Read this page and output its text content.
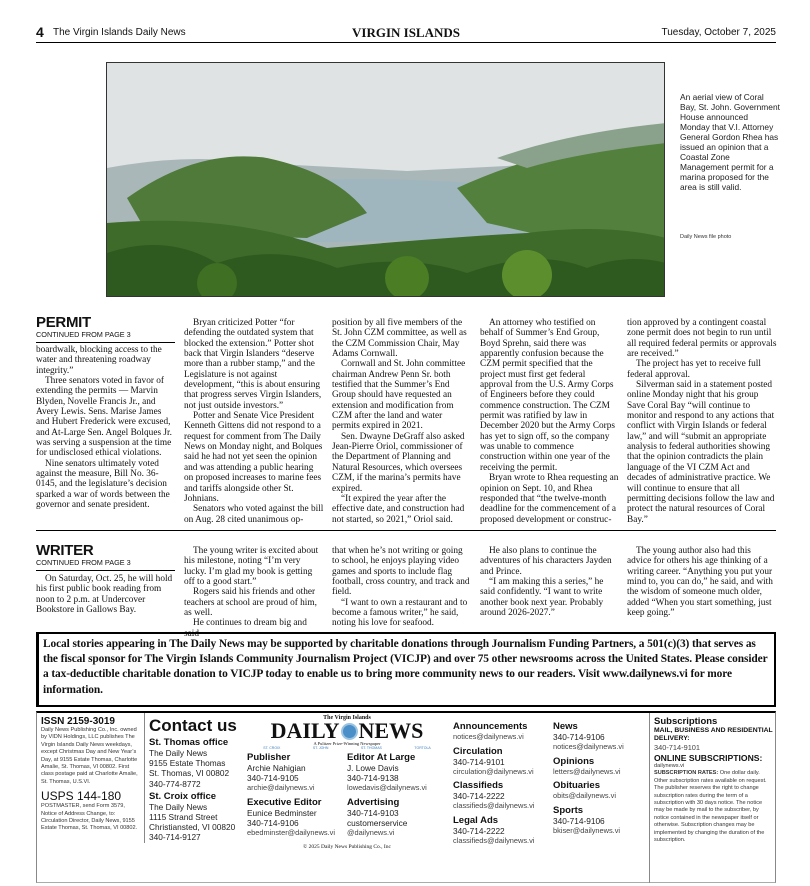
4 The Virgin Islands Daily News	VIRGIN ISLANDS	Tuesday, October 7, 2025
An aerial view of Coral Bay, St. John. Government House announced Monday that V.I. Attorney General Gordon Rhea has issued an opinion that a Coastal Zone Management permit for a marina proposed for the area is still valid.
Daily News file photo
PERMIT
CONTINUED FROM PAGE 3

boardwalk, blocking access to the water and threatening roadway integrity.”

Three senators voted in favor of extending the permits — Marvin Blyden, Novelle Francis Jr., and Avery Lewis. Sens. Marise James and Hubert Frederick were excused, and At-Large Sen. Angel Bolques Jr. was serving a suspension at the time for undisclosed ethical violations.

Nine senators ultimately voted against the measure, Bill No. 36-0145, and the legislature’s decision sparked a war of words between the governor and senate president.

Bryan criticized Potter “for defending the outdated system that blocked the extension.” Potter shot back that Virgin Islanders “deserve more than a rubber stamp,” and the Legislature is not against development, “this is about ensuring that progress serves Virgin Islanders, not just outside investors.”

Potter and Senate Vice President Kenneth Gittens did not respond to a request for comment from The Daily News on Monday night, and Bolques said he had not yet seen the opinion and was attending a public hearing on proposed increases to marine fees and tariffs alongside other St. Johnians.

Senators who voted against the bill on Aug. 28 cited unanimous op-

position by all five members of the St. John CZM committee, as well as the CZM Commission Chair, May Adams Cornwall.

Cornwall and St. John committee chairman Andrew Penn Sr. both testified that the Summer’s End Group should have requested an extension and modification from CZM after the land and water permits expired in 2021.

Sen. Dwayne DeGraff also asked Jean-Pierre Oriol, commissioner of the Department of Planning and Natural Resources, which oversees CZM, if the marina’s permits have expired.

“It expired the year after the effective date, and construction had not started, so 2021,” Oriol said.

An attorney who testified on behalf of Summer’s End Group, Boyd Sprehn, said there was apparently confusion because the CZM permit specified that the project must first get federal approval from the U.S. Army Corps of Engineers before they could commence construction. The CZM permit was ratified by law in December 2020 but the Army Corps has yet to sign off, so the company was unable to commence construction within one year of the receiving the permit.

Bryan wrote to Rhea requesting an opinion on Sept. 10, and Rhea responded that “the twelve-month deadline for the commencement of a proposed development or construc-

tion approved by a contingent coastal zone permit does not begin to run until all required federal permits or approvals are received.”

The project has yet to receive full federal approval.

Silverman said in a statement posted online Monday night that his group Save Coral Bay “will continue to monitor and respond to any actions that conflict with Virgin Islands or federal law,” and will “submit an appropriate analysis to federal authorities showing that the opinion contradicts the plain language of the VI CZM Act and decades of administrative practice. We will continue to ensure that all permitting decisions follow the law and protect the natural resources of Coral Bay.”

WRITER
CONTINUED FROM PAGE 3

On Saturday, Oct. 25, he will hold his first public book reading from noon to 2 p.m. at Undercover Bookstore in Gallows Bay.

The young writer is excited about his milestone, noting “I’m very lucky. I’m glad my book is getting off to a good start.”

Rogers said his friends and other teachers at school are proud of him, as well.

He continues to dream big and said

that when he’s not writing or going to school, he enjoys playing video games and sports to include flag football, cross country, and track and field.

“I want to own a restaurant and to become a famous writer,” he said, noting his love for seafood.

He also plans to continue the adventures of his characters Jayden and Prince.

“I am making this a series,” he said confidently. “I want to write another book next year. Probably around 2026-2027.”

The young author also had this advice for others his age thinking of a writing career. “Anything you put your mind to, you can do,” he said, and with the wisdom of someone much older, added “When you start something, just keep going.”

Local stories appearing in The Daily News may be supported by charitable donations through Journalism Funding Partners, a 501(c)(3) that serves as the fiscal sponsor for The Virgin Islands Community Journalism Project (VICJP) and over 75 other newsrooms across the United States. Please consider a tax-deductible charitable donation to VICJP today to enable us to bring more community news to our readers. Visit www.dailynews.vi for more information.
ISSN 2159-3019
Daily News Publishing Co., Inc. owned by VIDN Holdings, LLC publishes The Virgin Islands Daily News weekdays, except Christmas Day and New Year’s Day, at 9155 Estate Thomas, Charlotte Amalie, St. Thomas, VI 00802. First class postage paid at Charlotte Amalie, St. Thomas, U.S.VI.
USPS 144-180
POSTMASTER, send Form 3579, Notice of Address Change, to: Circulation Director, Daily News, 9155 Estate Thomas, St. Thomas, VI 00802.
Contact us
St. Thomas office
The Daily News
9155 Estate Thomas
St. Thomas, VI 00802
340-774-8772
St. Croix office
The Daily News
1115 Strand Street
Christiansted, VI 00820
340-714-9127
The Virgin Islands
DAILY NEWS
A Pulitzer Prize-Winning Newspaper
ST. CROIX	ST. JOHN	ST. THOMAS	TORTOLA
Publisher
Archie Nahigian
340-714-9105
archie@dailynews.vi
Editor At Large
J. Lowe Davis
340-714-9138
lowedavis@dailynews.vi
Executive Editor
Eunice Bedminster
340-714-9106
ebedminster@dailynews.vi
Advertising
340-714-9103
customerservice
@dailynews.vi
© 2025 Daily News Publishing Co., Inc
Announcements
notices@dailynews.vi
Circulation
340-714-9101
circulation@dailynews.vi
Classifieds
340-714-2222
classifieds@dailynews.vi
Legal Ads
340-714-2222
classifieds@dailynews.vi
News
340-714-9106
notices@dailynews.vi
Opinions
letters@dailynews.vi
Obituaries
obits@dailynews.vi
Sports
340-714-9106
bkiser@dailynews.vi
Subscriptions
MAIL, BUSINESS AND RESIDENTIAL DELIVERY:
340-714-9101
ONLINE SUBSCRIPTIONS:
dailynews.vi
SUBSCRIPTION RATES: One dollar daily. Other subscription rates available on request. The publisher reserves the right to change subscription rates during the term of a subscription with 30 days notice. The notice may be made by mail to the subscriber, by notice contained in the newspaper itself or otherwise. Subscription changes may be implemented by changing the duration of the subscription.
